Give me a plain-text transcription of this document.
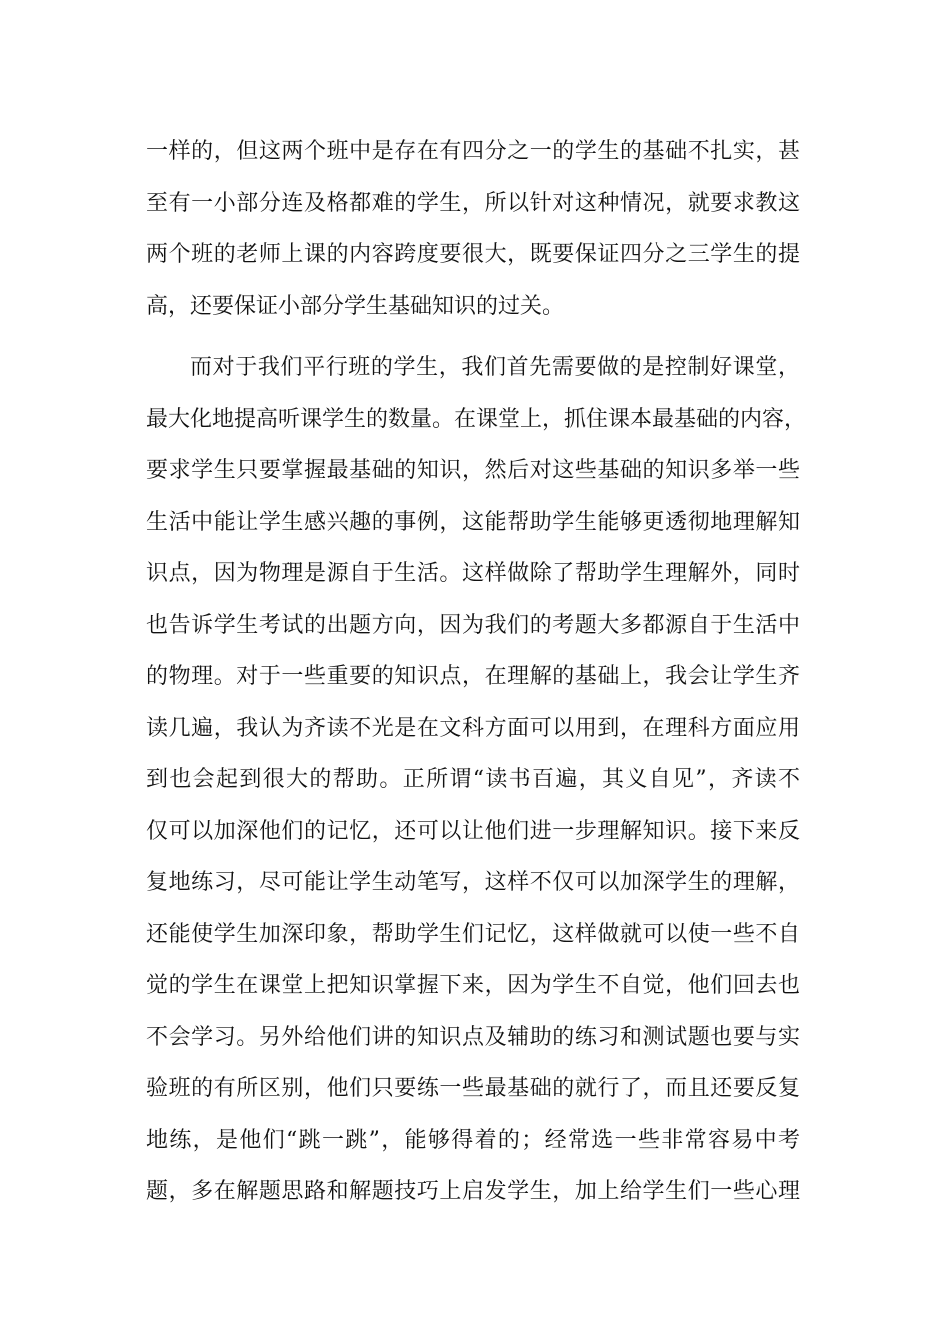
一样的，但这两个班中是存在有四分之一的学生的基础不扎实，甚
至有一小部分连及格都难的学生，所以针对这种情况，就要求教这
两个班的老师上课的内容跨度要很大，既要保证四分之三学生的提
高，还要保证小部分学生基础知识的过关。
而对于我们平行班的学生，我们首先需要做的是控制好课堂，
最大化地提高听课学生的数量。在课堂上，抓住课本最基础的内容，
要求学生只要掌握最基础的知识，然后对这些基础的知识多举一些
生活中能让学生感兴趣的事例，这能帮助学生能够更透彻地理解知
识点，因为物理是源自于生活。这样做除了帮助学生理解外，同时
也告诉学生考试的出题方向，因为我们的考题大多都源自于生活中
的物理。对于一些重要的知识点，在理解的基础上，我会让学生齐
读几遍，我认为齐读不光是在文科方面可以用到，在理科方面应用
到也会起到很大的帮助。正所谓“读书百遍，其义自见”，齐读不
仅可以加深他们的记忆，还可以让他们进一步理解知识。接下来反
复地练习，尽可能让学生动笔写，这样不仅可以加深学生的理解，
还能使学生加深印象，帮助学生们记忆，这样做就可以使一些不自
觉的学生在课堂上把知识掌握下来，因为学生不自觉，他们回去也
不会学习。另外给他们讲的知识点及辅助的练习和测试题也要与实
验班的有所区别，他们只要练一些最基础的就行了，而且还要反复
地练，是他们“跳一跳”，能够得着的；经常选一些非常容易中考
题，多在解题思路和解题技巧上启发学生，加上给学生们一些心理
